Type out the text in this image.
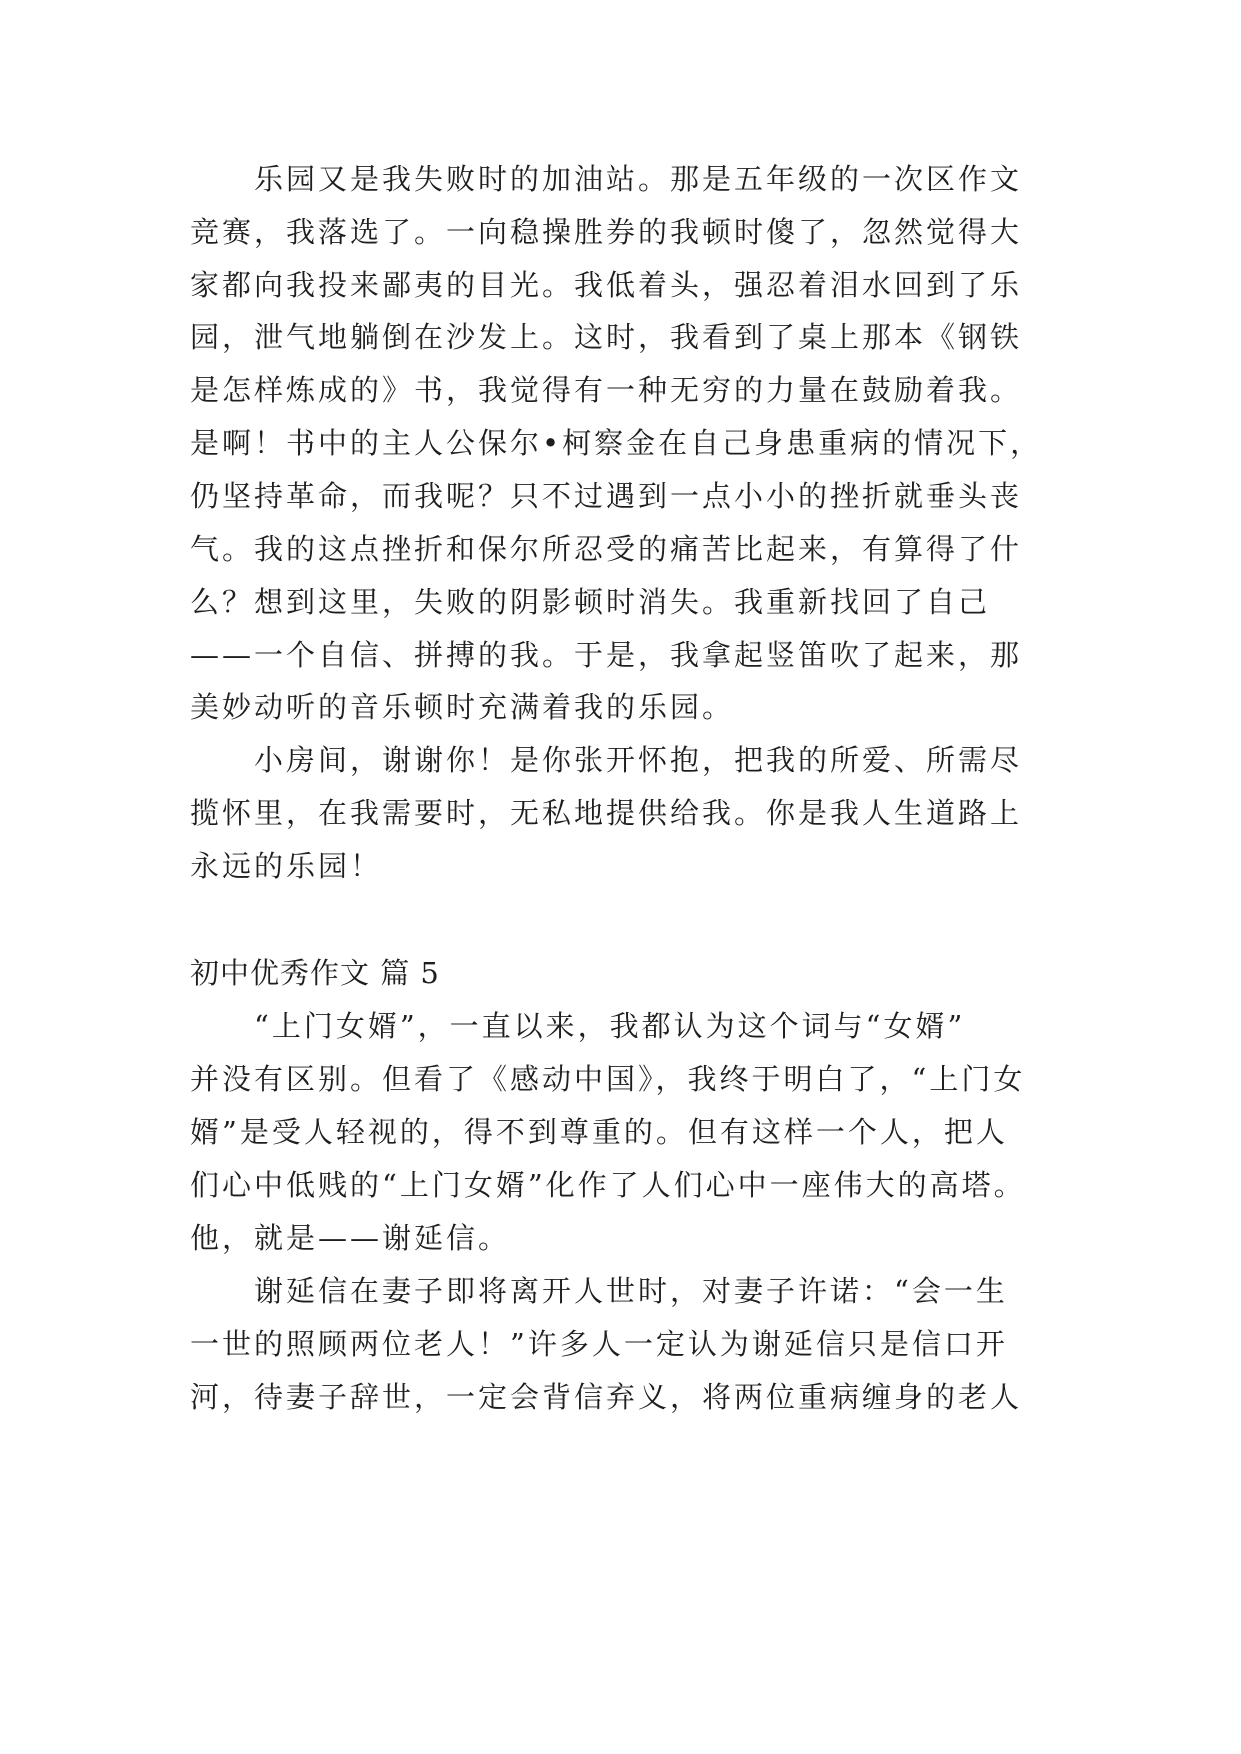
乐园又是我失败时的加油站。那是五年级的一次区作文
竞赛，我落选了。一向稳操胜券的我顿时傻了，忽然觉得大
家都向我投来鄙夷的目光。我低着头，强忍着泪水回到了乐
园，泄气地躺倒在沙发上。这时，我看到了桌上那本《钢铁
是怎样炼成的》书，我觉得有一种无穷的力量在鼓励着我。
是啊！书中的主人公保尔•柯察金在自己身患重病的情况下，
仍坚持革命，而我呢？只不过遇到一点小小的挫折就垂头丧
气。我的这点挫折和保尔所忍受的痛苦比起来，有算得了什
么？想到这里，失败的阴影顿时消失。我重新找回了自己
——一个自信、拼搏的我。于是，我拿起竖笛吹了起来，那
美妙动听的音乐顿时充满着我的乐园。
小房间，谢谢你！是你张开怀抱，把我的所爱、所需尽
揽怀里，在我需要时，无私地提供给我。你是我人生道路上
永远的乐园！
初中优秀作文 篇 5
“上门女婿”，一直以来，我都认为这个词与“女婿”
并没有区别。但看了《感动中国》，我终于明白了，“上门女
婿”是受人轻视的，得不到尊重的。但有这样一个人，把人
们心中低贱的“上门女婿”化作了人们心中一座伟大的高塔。
他，就是——谢延信。
谢延信在妻子即将离开人世时，对妻子许诺：“会一生
一世的照顾两位老人！”许多人一定认为谢延信只是信口开
河，待妻子辞世，一定会背信弃义，将两位重病缠身的老人
